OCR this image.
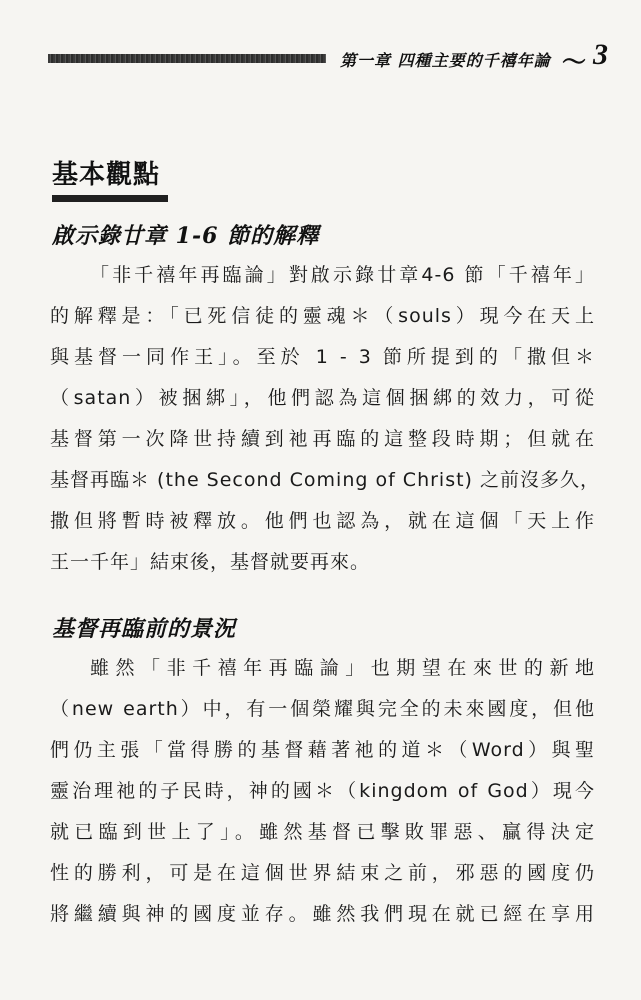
第一章 四種主要的千禧年論 ～ 3
基本觀點
啟示錄廿章 1-6 節的解釋
「非千禧年再臨論」對啟示錄廿章4-6 節「千禧年」
的解釋是：「已死信徒的靈魂＊（souls）現今在天上
與基督一同作王」。至於 1 - 3 節所提到的「撒但＊
（satan）被捆綁」，他們認為這個捆綁的效力，可從
基督第一次降世持續到祂再臨的這整段時期；但就在
基督再臨＊ (the Second Coming of Christ) 之前沒多久，
撒但將暫時被釋放。他們也認為，就在這個「天上作
王一千年」結束後，基督就要再來。
基督再臨前的景況
雖然「非千禧年再臨論」也期望在來世的新地
（new earth）中，有一個榮耀與完全的未來國度，但他
們仍主張「當得勝的基督藉著祂的道＊（Word）與聖
靈治理祂的子民時，神的國＊（kingdom of God）現今
就已臨到世上了」。雖然基督已擊敗罪惡、贏得決定
性的勝利，可是在這個世界結束之前，邪惡的國度仍
將繼續與神的國度並存。雖然我們現在就已經在享用
